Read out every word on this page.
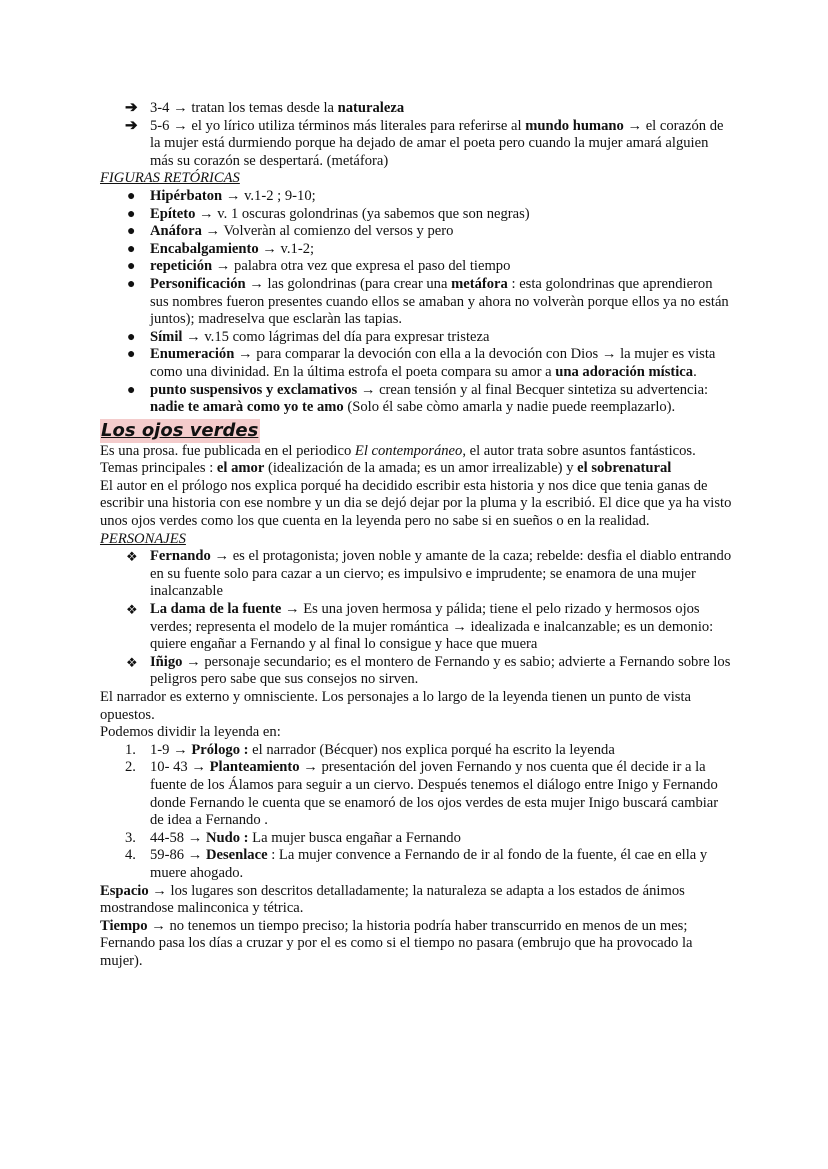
➔ 3-4 → tratan los temas desde la naturaleza
➔ 5-6 → el yo lírico utiliza términos más literales para referirse al mundo humano → el corazón de la mujer está durmiendo porque ha dejado de amar el poeta pero cuando la mujer amará alguien más su corazón se despertará. (metáfora)
FIGURAS RETÓRICAS
● Hipérbaton → v.1-2 ; 9-10;
● Epíteto → v. 1 oscuras golondrinas (ya sabemos que son negras)
● Anáfora → Volveràn al comienzo del versos y pero
● Encabalgamiento → v.1-2;
● repetición → palabra otra vez que expresa el paso del tiempo
● Personificación → las golondrinas (para crear una metáfora : esta golondrinas que aprendieron sus nombres fueron presentes cuando ellos se amaban y ahora no volveràn porque ellos ya no están juntos); madreselva que esclaràn las tapias.
● Símil → v.15 como lágrimas del día para expresar tristeza
● Enumeración → para comparar la devoción con ella a la devoción con Dios → la mujer es vista como una divinidad. En la última estrofa el poeta compara su amor a una adoración mística.
● punto suspensivos y exclamativos → crean tensión y al final Becquer sintetiza su advertencia: nadie te amarà como yo te amo (Solo él sabe còmo amarla y nadie puede reemplazarlo).
Los ojos verdes

Es una prosa. fue publicada en el periodico El contemporáneo, el autor trata sobre asuntos fantásticos.

Temas principales : el amor (idealización de la amada; es un amor irrealizable) y el sobrenatural

El autor en el prólogo nos explica porqué ha decidido escribir esta historia y nos dice que tenia ganas de escribir una historia con ese nombre y un dia se dejó dejar por la pluma y la escribió. El dice que ya ha visto unos ojos verdes como los que cuenta en la leyenda pero no sabe si en sueños o en la realidad.

PERSONAJES
❖ Fernando → es el protagonista; joven noble y amante de la caza; rebelde: desfia el diablo entrando en su fuente solo para cazar a un ciervo; es impulsivo e imprudente; se enamora de una mujer inalcanzable
❖ La dama de la fuente → Es una joven hermosa y pálida; tiene el pelo rizado y hermosos ojos verdes; representa el modelo de la mujer romántica → idealizada e inalcanzable; es un demonio: quiere engañar a Fernando y al final lo consigue y hace que muera
❖ Iñigo → personaje secundario; es el montero de Fernando y es sabio; advierte a Fernando sobre los peligros pero sabe que sus consejos no sirven.

El narrador es externo y omnisciente. Los personajes a lo largo de la leyenda tienen un punto de vista opuestos.

Podemos dividir la leyenda en:

1. 1-9 → Prólogo : el narrador (Bécquer) nos explica porqué ha escrito la leyenda
2. 10- 43 → Planteamiento → presentación del joven Fernando y nos cuenta que él decide ir a la fuente de los Álamos para seguir a un ciervo. Después tenemos el diálogo entre Inigo y Fernando donde Fernando le cuenta que se enamoró de los ojos verdes de esta mujer Inigo buscará cambiar de idea a Fernando .
3. 44-58 → Nudo : La mujer busca engañar a Fernando
4. 59-86 → Desenlace : La mujer convence a Fernando de ir al fondo de la fuente, él cae en ella y muere ahogado.

Espacio → los lugares son descritos detalladamente; la naturaleza se adapta a los estados de ánimos mostrandose malinconica y tétrica.

Tiempo → no tenemos un tiempo preciso; la historia podría haber transcurrido en menos de un mes; Fernando pasa los días a cruzar y por el es como si el tiempo no pasara (embrujo que ha provocado la mujer).
